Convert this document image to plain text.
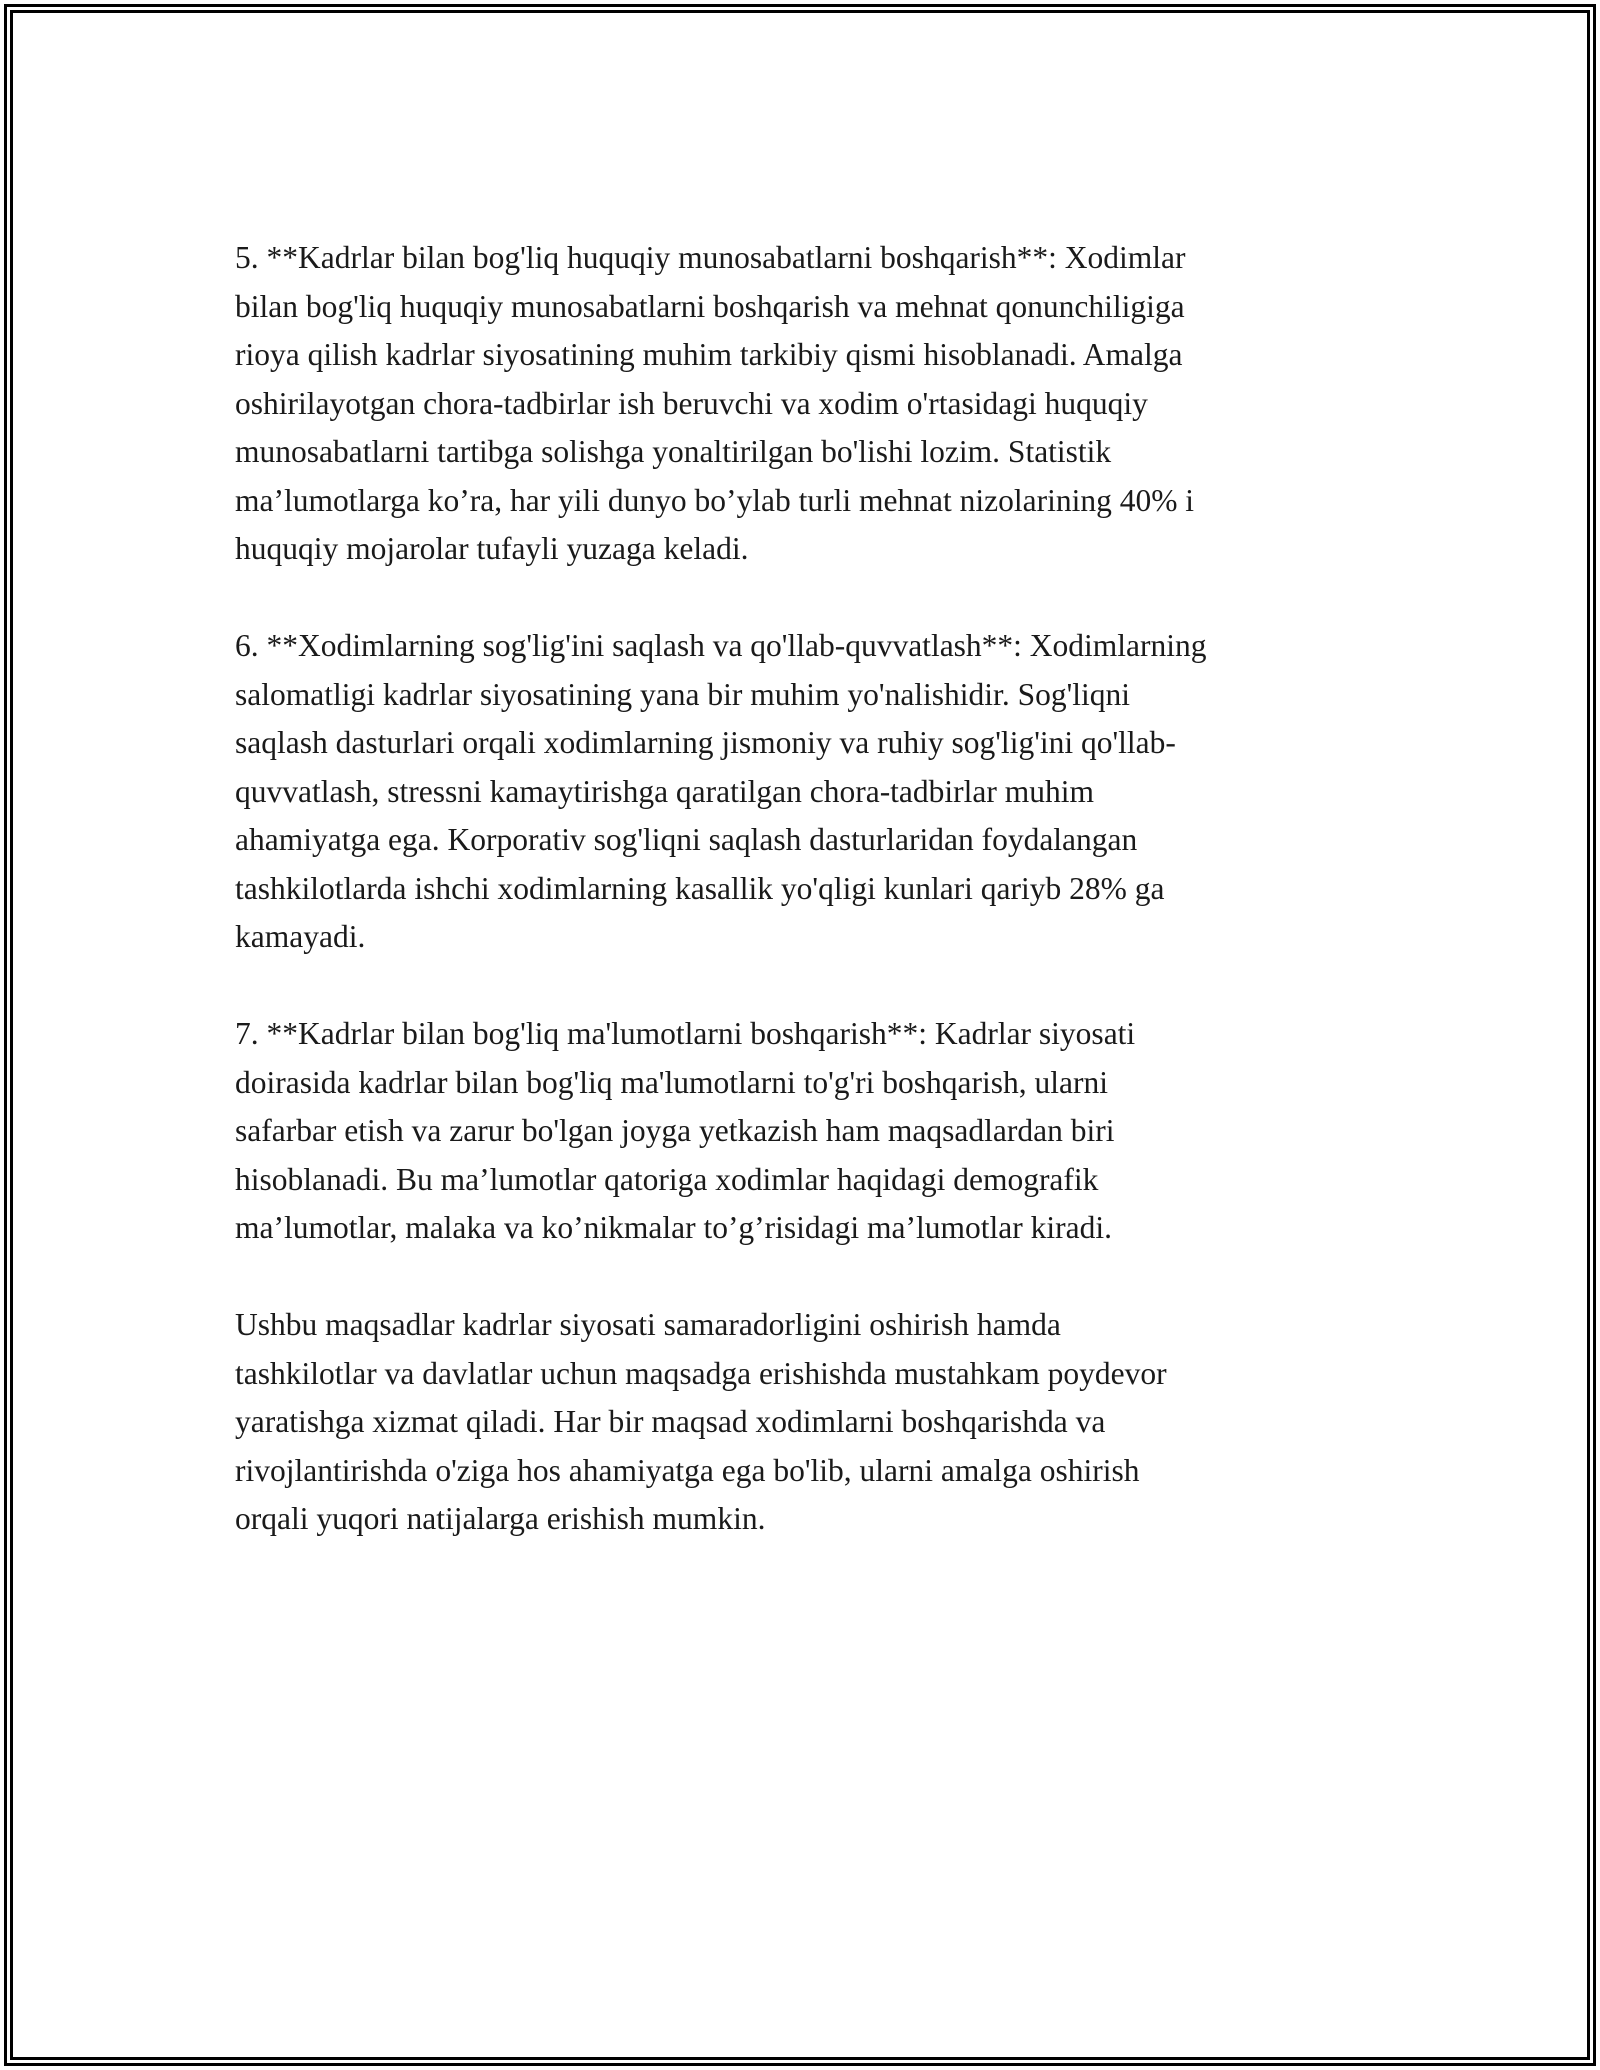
5. **Kadrlar bilan bog'liq huquqiy munosabatlarni boshqarish**: Xodimlar
bilan bog'liq huquqiy munosabatlarni boshqarish va mehnat qonunchiligiga
rioya qilish kadrlar siyosatining muhim tarkibiy qismi hisoblanadi. Amalga
oshirilayotgan chora-tadbirlar ish beruvchi va xodim o'rtasidagi huquqiy
munosabatlarni tartibga solishga yonaltirilgan bo'lishi lozim. Statistik
ma’lumotlarga ko’ra, har yili dunyo bo’ylab turli mehnat nizolarining 40% i
huquqiy mojarolar tufayli yuzaga keladi.

6. **Xodimlarning sog'lig'ini saqlash va qo'llab-quvvatlash**: Xodimlarning
salomatligi kadrlar siyosatining yana bir muhim yo'nalishidir. Sog'liqni
saqlash dasturlari orqali xodimlarning jismoniy va ruhiy sog'lig'ini qo'llab-
quvvatlash, stressni kamaytirishga qaratilgan chora-tadbirlar muhim
ahamiyatga ega. Korporativ sog'liqni saqlash dasturlaridan foydalangan
tashkilotlarda ishchi xodimlarning kasallik yo'qligi kunlari qariyb 28% ga
kamayadi.

7. **Kadrlar bilan bog'liq ma'lumotlarni boshqarish**: Kadrlar siyosati
doirasida kadrlar bilan bog'liq ma'lumotlarni to'g'ri boshqarish, ularni
safarbar etish va zarur bo'lgan joyga yetkazish ham maqsadlardan biri
hisoblanadi. Bu ma’lumotlar qatoriga xodimlar haqidagi demografik
ma’lumotlar, malaka va ko’nikmalar to’g’risidagi ma’lumotlar kiradi.

Ushbu maqsadlar kadrlar siyosati samaradorligini oshirish hamda
tashkilotlar va davlatlar uchun maqsadga erishishda mustahkam poydevor
yaratishga xizmat qiladi. Har bir maqsad xodimlarni boshqarishda va
rivojlantirishda o'ziga hos ahamiyatga ega bo'lib, ularni amalga oshirish
orqali yuqori natijalarga erishish mumkin.
